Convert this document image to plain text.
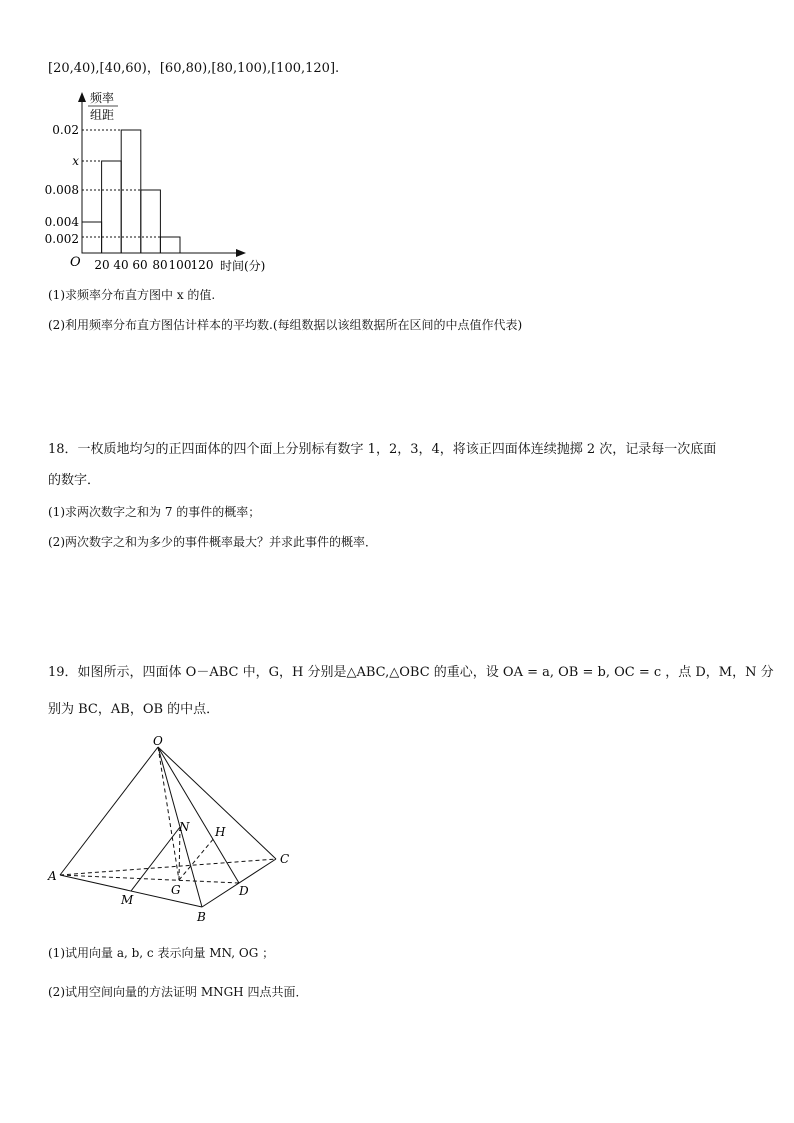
[20,40),[40,60)，[60,80),[80,100),[100,120].
频率
组距
0.02
x
0.008
0.004
0.002
O 20 40 60 80 100 120 时间(分)
(1)求频率分布直方图中 x 的值.
(2)利用频率分布直方图估计样本的平均数.(每组数据以该组数据所在区间的中点值作代表)
18．一枚质地均匀的正四面体的四个面上分别标有数字 1，2，3，4，将该正四面体连续抛掷 2 次，记录每一次底面
的数字．
(1)求两次数字之和为 7 的事件的概率；
(2)两次数字之和为多少的事件概率最大？并求此事件的概率．
19．如图所示，四面体 O－ABC 中，G，H 分别是△ABC,△OBC 的重心，设 OA = a, OB = b, OC = c ，点 D，M，N 分
别为 BC，AB，OB 的中点．
O
A
B
C
D
G
H
M
N
(1)试用向量 a, b, c 表示向量 MN, OG ；
(2)试用空间向量的方法证明 MNGH 四点共面．
